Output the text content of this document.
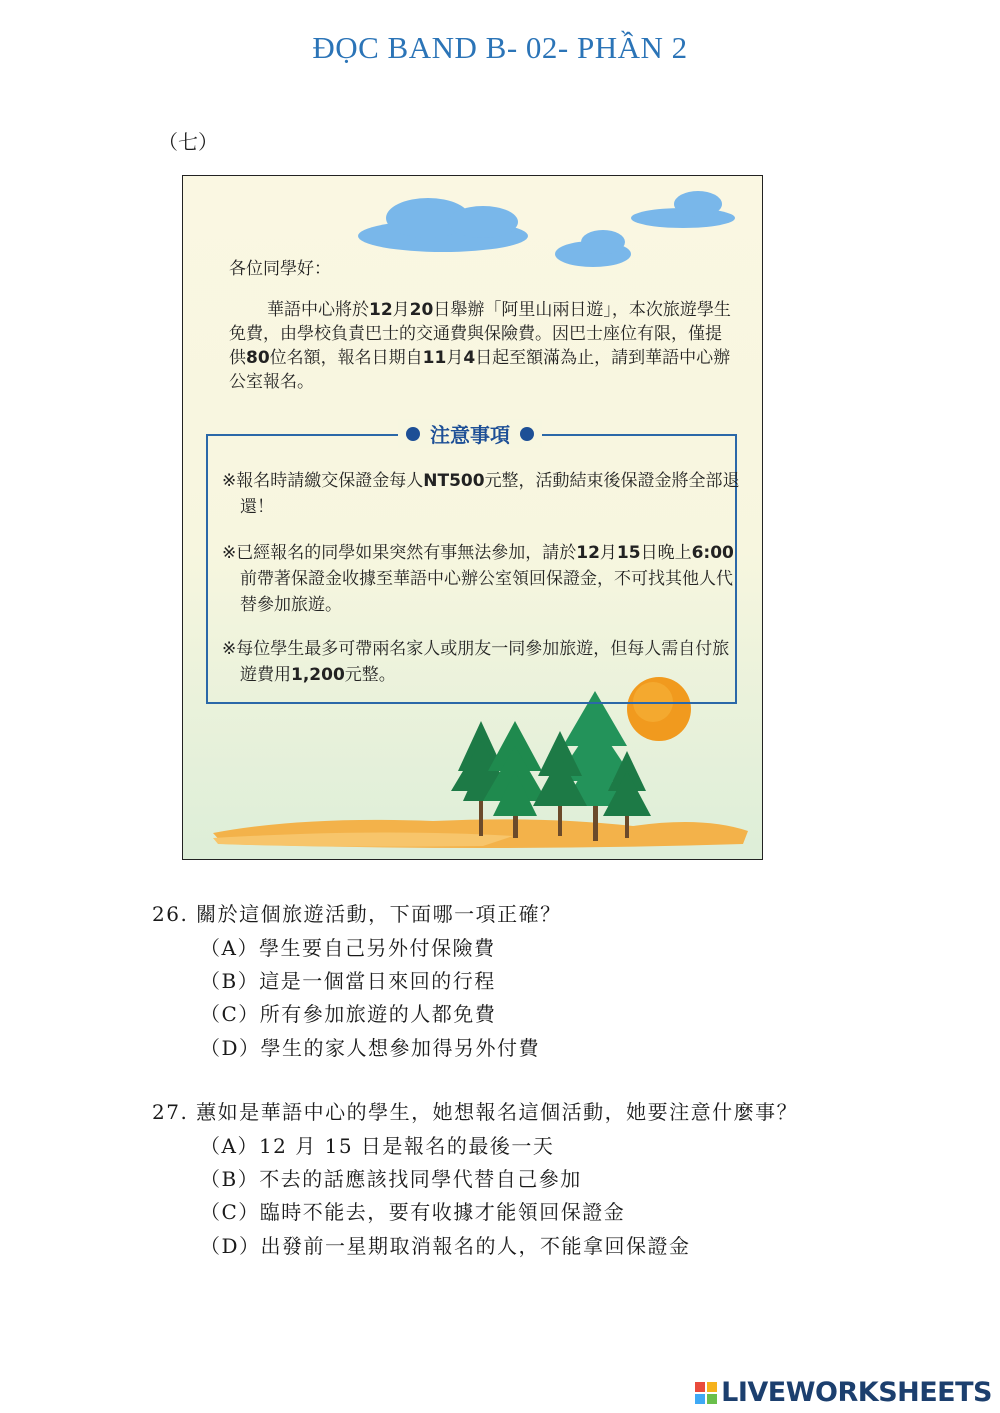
ĐỌC BAND B- 02- PHẦN 2
（七）
各位同學好：

華語中心將於12月20日舉辦「阿里山兩日遊」，本次旅遊學生免費，由學校負責巴士的交通費與保險費。因巴士座位有限，僅提供80位名額，報名日期自11月4日起至額滿為止，請到華語中心辦公室報名。

注意事項

※報名時請繳交保證金每人NT500元整，活動結束後保證金將全部退還！

※已經報名的同學如果突然有事無法參加，請於12月15日晚上6:00前帶著保證金收據至華語中心辦公室領回保證金，不可找其他人代替參加旅遊。

※每位學生最多可帶兩名家人或朋友一同參加旅遊，但每人需自付旅遊費用1,200元整。

26. 關於這個旅遊活動，下面哪一項正確？
（A）學生要自己另外付保險費
（B）這是一個當日來回的行程
（C）所有參加旅遊的人都免費
（D）學生的家人想參加得另外付費
27. 蕙如是華語中心的學生，她想報名這個活動，她要注意什麼事？
（A）12 月 15 日是報名的最後一天
（B）不去的話應該找同學代替自己參加
（C）臨時不能去，要有收據才能領回保證金
（D）出發前一星期取消報名的人，不能拿回保證金
LIVEWORKSHEETS
